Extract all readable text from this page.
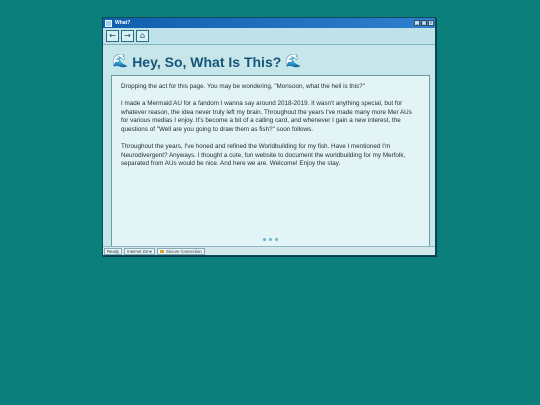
What?	_	□ ×
←	→	⌂
🌊 Hey, So, What Is This? 🌊

Dropping the act for this page. You may be wondering, "Monsoon, what the hell is this?"

I made a Mermaid AU for a fandom I wanna say around 2018-2019. It wasn't anything special, but for whatever reason, the idea never truly left my brain. Throughout the years I've made many more Mer AUs for various medias I enjoy. It's become a bit of a calling card, and whenever I gain a new interest, the questions of "Well are you going to draw them as fish?" soon follows.

Throughout the years, I've honed and refined the Worldbuilding for my fish. Have I mentioned I'm Neurodivergent? Anyways. I thought a cute, fun website to document the worldbuilding for my Merfolk, separated from AUs would be nice. And here we are. Welcome! Enjoy the stay.

Ready	Internet Zone	Secure Connection
